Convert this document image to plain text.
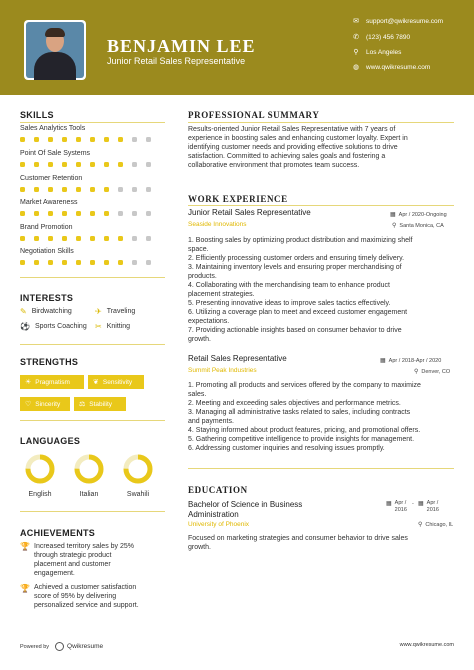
BENJAMIN LEE
Junior Retail Sales Representative
✉ support@qwikresume.com
✆ (123) 456 7890
⚲ Los Angeles
◍ www.qwikresume.com
SKILLS
Sales Analytics Tools
Point Of Sale Systems
Customer Retention
Market Awareness
Brand Promotion
Negotiation Skills
INTERESTS
✎ Birdwatching	✈ Traveling
⚽ Sports Coaching ✂ Knitting
STRENGTHS
☀ Pragmatism	❦ Sensitivity
♡ Sincerity	⚖ Stability
LANGUAGES
English	Italian	Swahili
ACHIEVEMENTS
🏆 Increased territory sales by 25%
through strategic product
placement and customer
engagement.
🏆 Achieved a customer satisfaction
score of 95% by delivering
personalized service and support.
PROFESSIONAL SUMMARY
Results-oriented Junior Retail Sales Representative with 7 years of
experience in boosting sales and enhancing customer loyalty. Expert in
identifying customer needs and providing effective solutions to drive
satisfaction. Committed to achieving sales goals and fostering a
collaborative environment that promotes team success.
WORK EXPERIENCE
Junior Retail Sales Representative	▦ Apr / 2020-Ongoing
Seaside Innovations	⚲ Santa Monica, CA
1. Boosting sales by optimizing product distribution and maximizing shelf
space.
2. Efficiently processing customer orders and ensuring timely delivery.
3. Maintaining inventory levels and ensuring proper merchandising of
products.
4. Collaborating with the merchandising team to enhance product
placement strategies.
5. Presenting innovative ideas to improve sales tactics effectively.
6. Utilizing a coverage plan to meet and exceed customer engagement
expectations.
7. Providing actionable insights based on consumer behavior to drive
growth.
Retail Sales Representative	▦ Apr / 2018-Apr / 2020
Summit Peak Industries	⚲ Denver, CO
1. Promoting all products and services offered by the company to maximize
sales.
2. Meeting and exceeding sales objectives and performance metrics.
3. Managing all administrative tasks related to sales, including contracts
and payments.
4. Staying informed about product features, pricing, and promotional offers.
5. Gathering competitive intelligence to provide insights for management.
6. Addressing customer inquiries and resolving issues promptly.
EDUCATION
Bachelor of Science in Business
Administration
▦ Apr / 2016
- ▦ Apr / 2016
University of Phoenix	⚲ Chicago, IL
Focused on marketing strategies and consumer behavior to drive sales
growth.
Powered by	Qwikresume	www.qwikresume.com
